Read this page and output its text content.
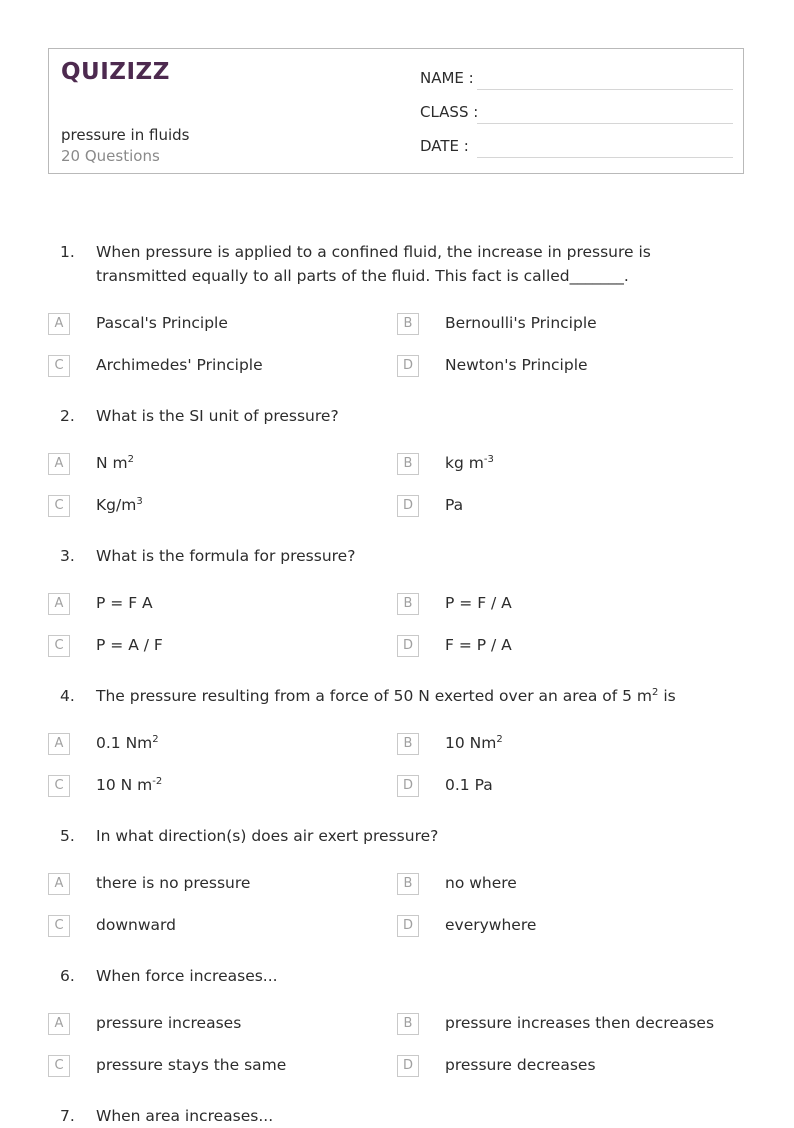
QUIZIZZ
pressure in fluids
20 Questions
NAME :
CLASS :
DATE :
1.	When pressure is applied to a confined fluid, the increase in pressure is transmitted equally to all parts of the fluid. This fact is called_______.
A	Pascal's Principle	B	Bernoulli's Principle
C	Archimedes' Principle	D	Newton's Principle
2.	What is the SI unit of pressure?
A	N $m^2$	B	kg $m^{-3}$
C	$Kg/m^3$	D	Pa
3.	What is the formula for pressure?
A	P = F A	B	P = F / A
C	P = A / F	D	F = P / A
4.	The pressure resulting from a force of 50 N exerted over an area of 5 $m^2$ is
A	0.1 Nm$^2$	B	10 Nm$^2$
C	10 N $m^{-2}$	D	0.1 Pa
5.	In what direction(s) does air exert pressure?
A	there is no pressure	B	no where
C	downward	D	everywhere
6.	When force increases...
A	pressure increases	B	pressure increases then decreases
C	pressure stays the same	D	pressure decreases
7.	When area increases...
